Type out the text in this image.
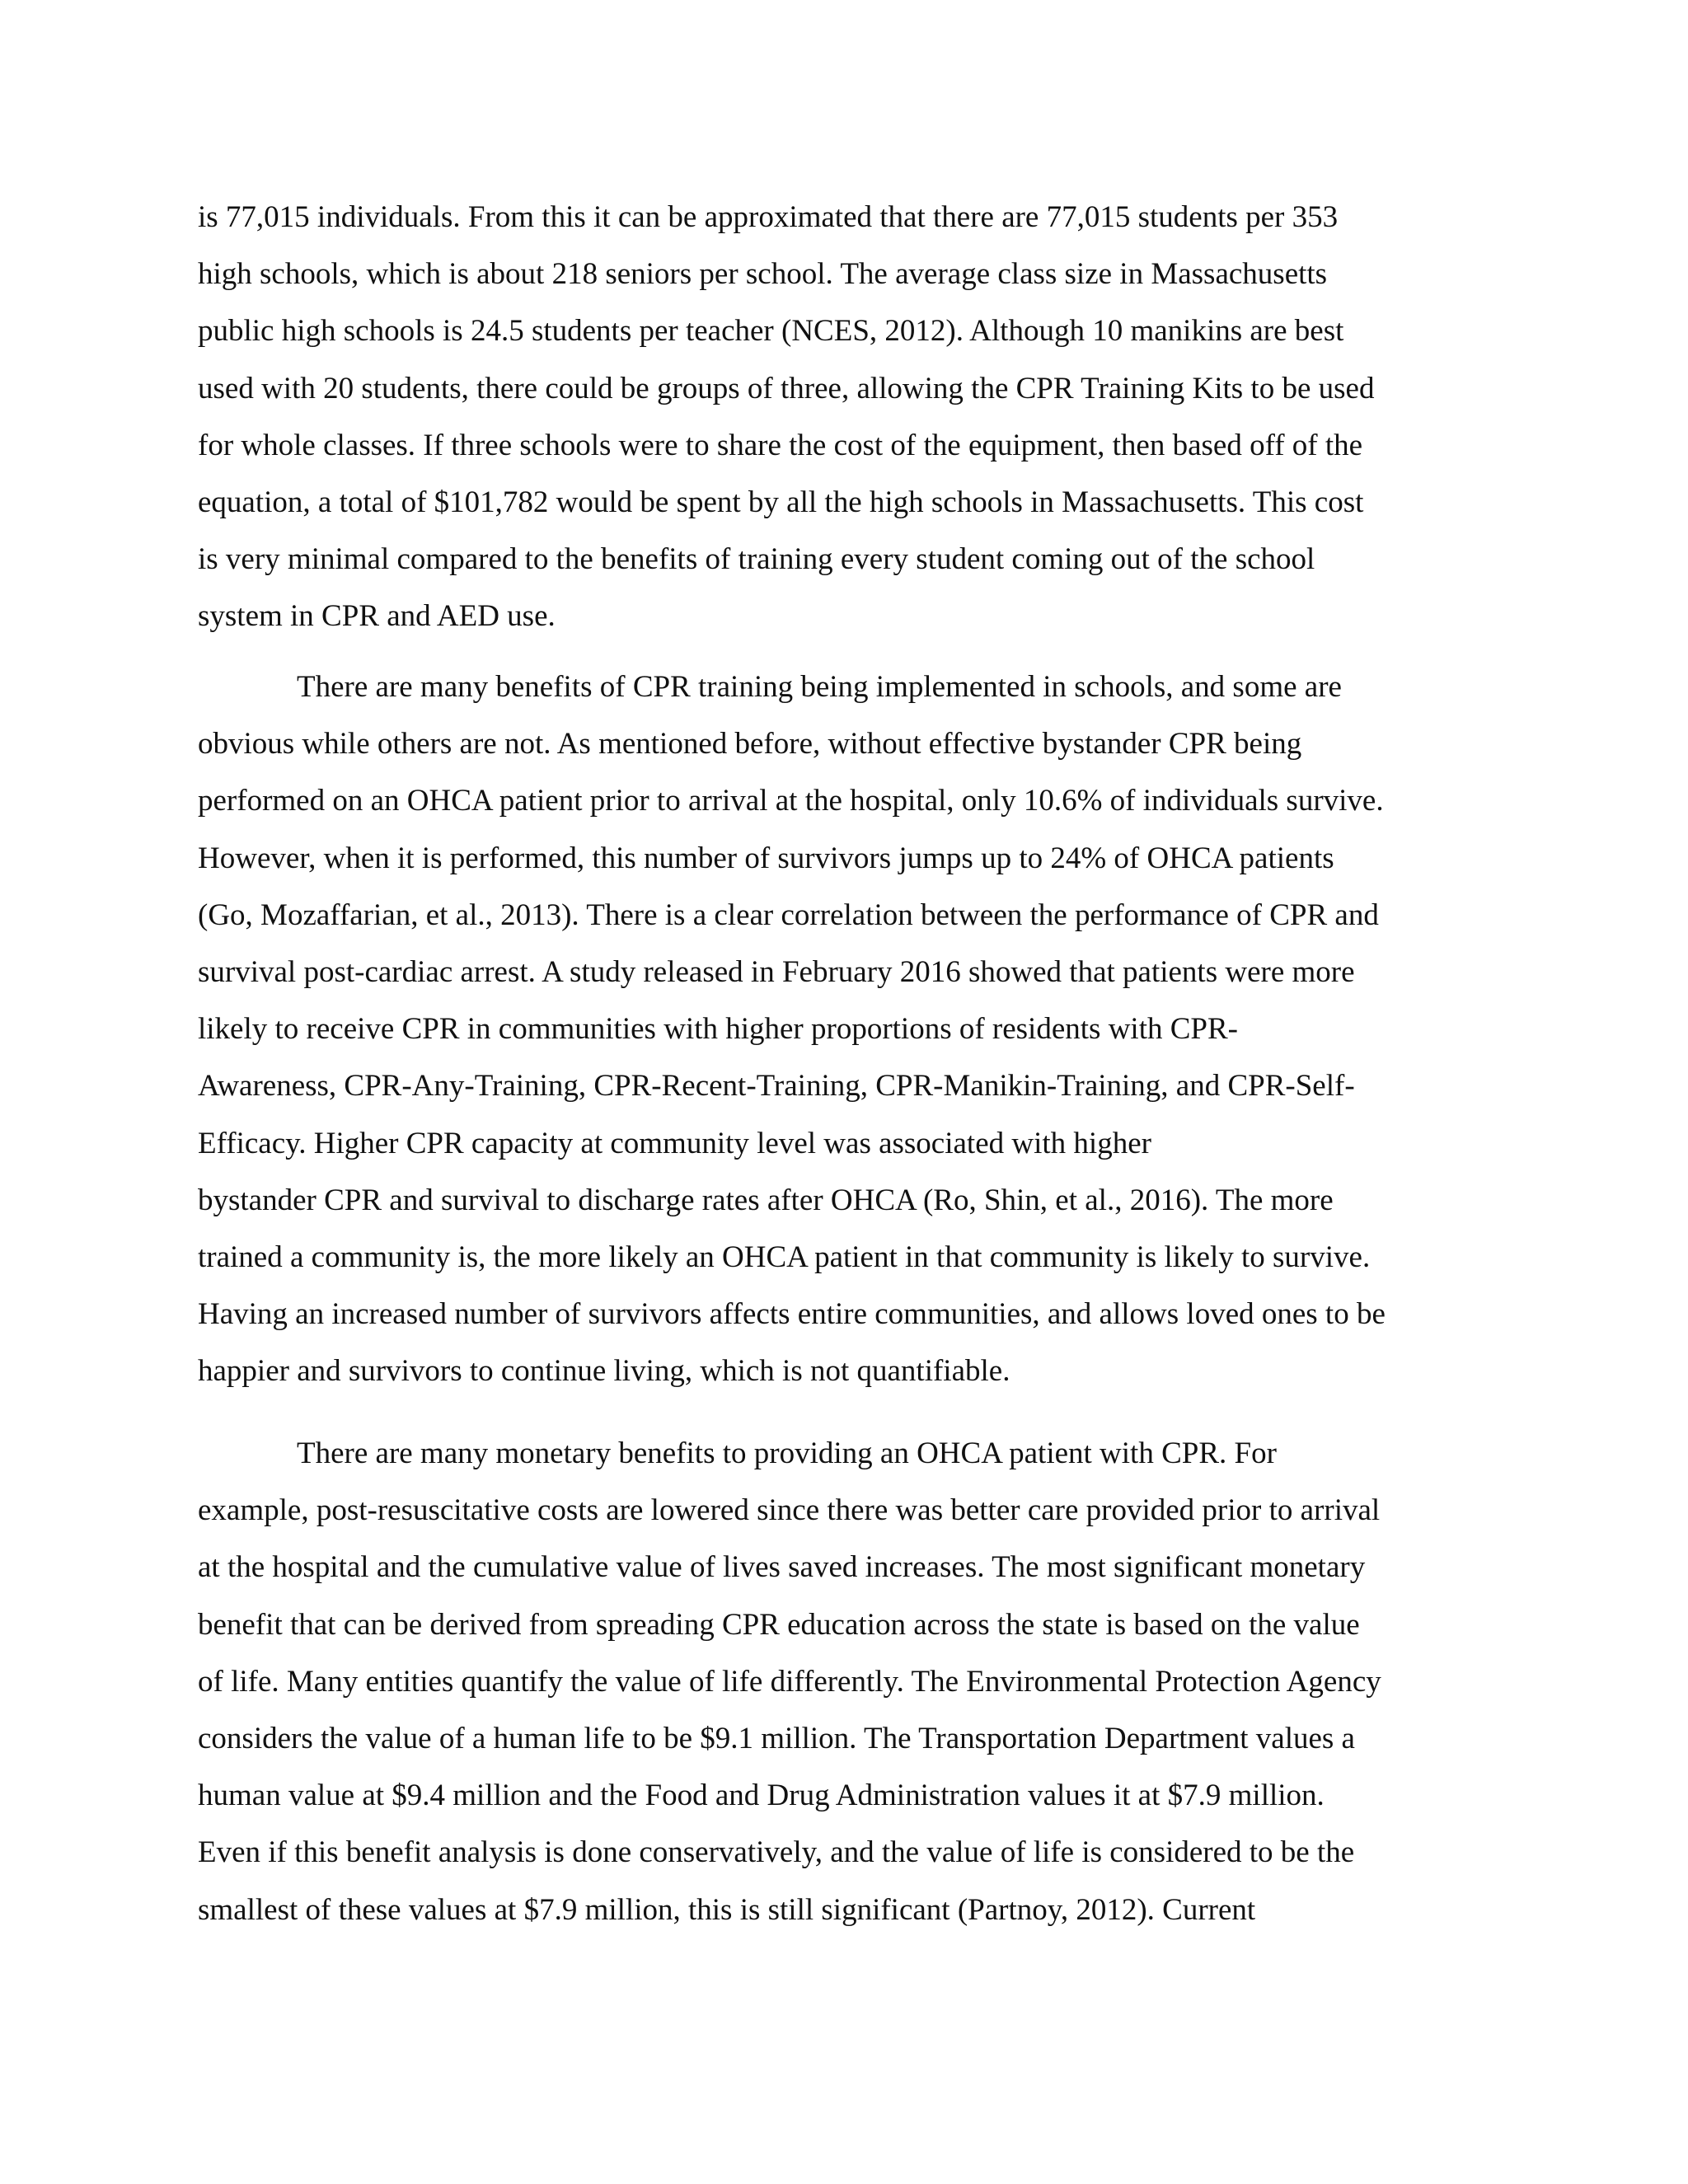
is 77,015 individuals. From this it can be approximated that there are 77,015 students per 353
high schools, which is about 218 seniors per school. The average class size in Massachusetts
public high schools is 24.5 students per teacher (NCES, 2012). Although 10 manikins are best
used with 20 students, there could be groups of three, allowing the CPR Training Kits to be used
for whole classes. If three schools were to share the cost of the equipment, then based off of the
equation, a total of $101,782 would be spent by all the high schools in Massachusetts. This cost
is very minimal compared to the benefits of training every student coming out of the school
system in CPR and AED use.
There are many benefits of CPR training being implemented in schools, and some are
obvious while others are not. As mentioned before, without effective bystander CPR being
performed on an OHCA patient prior to arrival at the hospital, only 10.6% of individuals survive.
However, when it is performed, this number of survivors jumps up to 24% of OHCA patients
(Go, Mozaffarian, et al., 2013). There is a clear correlation between the performance of CPR and
survival post-cardiac arrest. A study released in February 2016 showed that patients were more
likely to receive CPR in communities with higher proportions of residents with CPR-
Awareness, CPR-Any-Training, CPR-Recent-Training, CPR-Manikin-Training, and CPR-Self-
Efficacy. Higher CPR capacity at community level was associated with higher
bystander CPR and survival to discharge rates after OHCA (Ro, Shin, et al., 2016). The more
trained a community is, the more likely an OHCA patient in that community is likely to survive.
Having an increased number of survivors affects entire communities, and allows loved ones to be
happier and survivors to continue living, which is not quantifiable.
There are many monetary benefits to providing an OHCA patient with CPR. For
example, post-resuscitative costs are lowered since there was better care provided prior to arrival
at the hospital and the cumulative value of lives saved increases. The most significant monetary
benefit that can be derived from spreading CPR education across the state is based on the value
of life. Many entities quantify the value of life differently. The Environmental Protection Agency
considers the value of a human life to be $9.1 million. The Transportation Department values a
human value at $9.4 million and the Food and Drug Administration values it at $7.9 million.
Even if this benefit analysis is done conservatively, and the value of life is considered to be the
smallest of these values at $7.9 million, this is still significant (Partnoy, 2012). Current
